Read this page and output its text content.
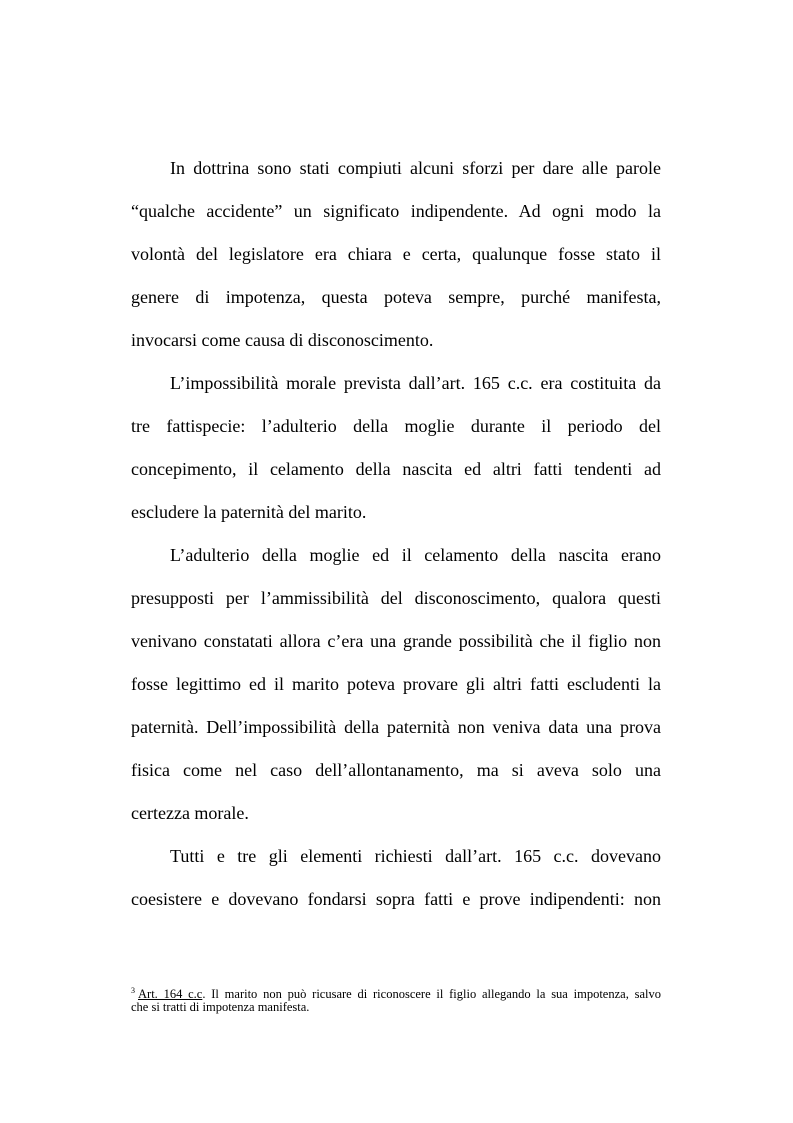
In dottrina sono stati compiuti alcuni sforzi per dare alle parole
“qualche accidente” un significato indipendente. Ad ogni modo la
volontà del legislatore era chiara e certa, qualunque fosse stato il
genere di impotenza, questa poteva sempre, purché manifesta,
invocarsi come causa di disconoscimento.
L’impossibilità morale prevista dall’art. 165 c.c. era costituita da
tre fattispecie: l’adulterio della moglie durante il periodo del
concepimento, il celamento della nascita ed altri fatti tendenti ad
escludere la paternità del marito.
L’adulterio della moglie ed il celamento della nascita erano
presupposti per l’ammissibilità del disconoscimento, qualora questi
venivano constatati allora c’era una grande possibilità che il figlio non
fosse legittimo ed il marito poteva provare gli altri fatti escludenti la
paternità. Dell’impossibilità della paternità non veniva data una prova
fisica come nel caso dell’allontanamento, ma si aveva solo una
certezza morale.
Tutti e tre gli elementi richiesti dall’art. 165 c.c. dovevano
coesistere e dovevano fondarsi sopra fatti e prove indipendenti: non
$^3$ Art. 164 c.c. Il marito non può ricusare di riconoscere il figlio allegando la sua impotenza, salvo
che si tratti di impotenza manifesta.
